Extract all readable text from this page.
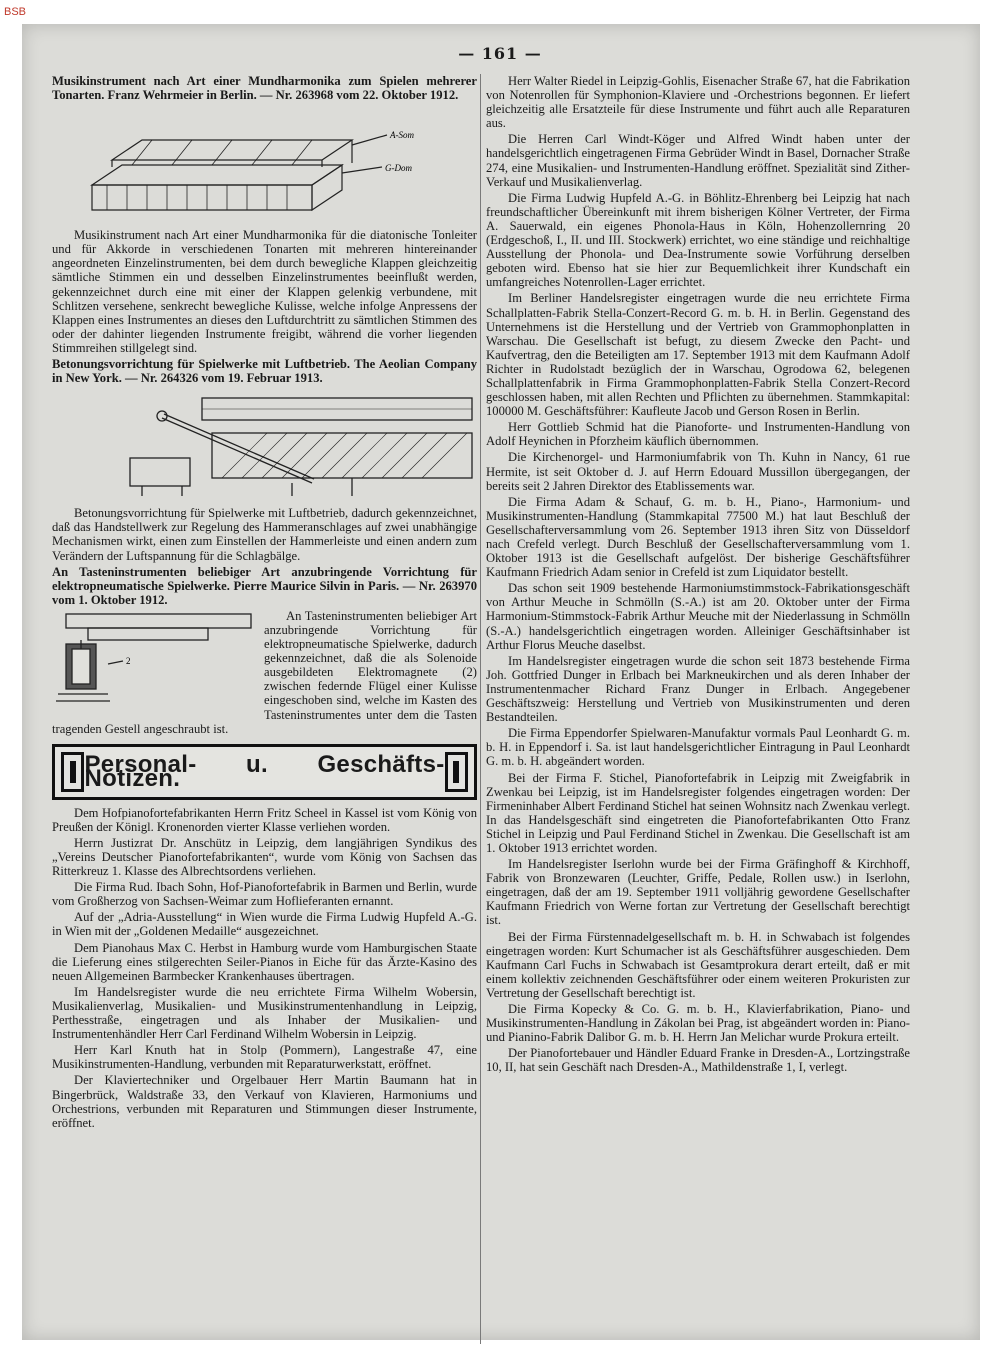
BSB
— 161 —

Musikinstrument nach Art einer Mundharmonika zum Spielen mehrerer Tonarten. Franz Wehrmeier in Berlin. — Nr. 263968 vom 22. Oktober 1912.

A-Som
G-Dom

Musikinstrument nach Art einer Mundharmonika für die diatonische Tonleiter und für Akkorde in verschiedenen Tonarten mit mehreren hintereinander angeordneten Einzelinstrumenten, bei dem durch bewegliche Klappen gleichzeitig sämtliche Stimmen ein und desselben Einzelinstrumentes beeinflußt werden, gekennzeichnet durch eine mit einer der Klappen gelenkig verbundene, mit Schlitzen versehene, senkrecht bewegliche Kulisse, welche infolge Anpressens der Klappen eines Instrumentes an dieses den Luftdurchtritt zu sämtlichen Stimmen des oder der dahinter liegenden Instrumente freigibt, während die vorher liegenden Stimmreihen stillgelegt sind.

Betonungsvorrichtung für Spielwerke mit Luftbetrieb. The Aeolian Company in New York. — Nr. 264326 vom 19. Februar 1913.

Betonungsvorrichtung für Spielwerke mit Luftbetrieb, dadurch gekennzeichnet, daß das Handstellwerk zur Regelung des Hammeranschlages auf zwei unabhängige Mechanismen wirkt, einen zum Einstellen der Hammerleiste und einen andern zum Verändern der Luftspannung für die Schlagbälge.

An Tasteninstrumenten beliebiger Art anzubringende Vorrichtung für elektropneumatische Spielwerke. Pierre Maurice Silvin in Paris. — Nr. 263970 vom 1. Oktober 1912.

2

An Tasteninstrumenten beliebiger Art anzubringende Vorrichtung für elektropneumatische Spielwerke, dadurch gekennzeichnet, daß die als Solenoide ausgebildeten Elektromagnete (2) zwischen federnde Flügel einer Kulisse eingeschoben sind, welche im Kasten des Tasteninstrumentes unter dem die Tasten tragenden Gestell angeschraubt ist.

Personal- u. Geschäfts-Notizen.

Dem Hofpianofortefabrikanten Herrn Fritz Scheel in Kassel ist vom König von Preußen der Königl. Kronenorden vierter Klasse verliehen worden.

Herrn Justizrat Dr. Anschütz in Leipzig, dem langjährigen Syndikus des „Vereins Deutscher Pianofortefabrikanten“, wurde vom König von Sachsen das Ritterkreuz 1. Klasse des Albrechtsordens verliehen.

Die Firma Rud. Ibach Sohn, Hof-Pianofortefabrik in Barmen und Berlin, wurde vom Großherzog von Sachsen-Weimar zum Hoflieferanten ernannt.

Auf der „Adria-Ausstellung“ in Wien wurde die Firma Ludwig Hupfeld A.-G. in Wien mit der „Goldenen Medaille“ ausgezeichnet.

Dem Pianohaus Max C. Herbst in Hamburg wurde vom Hamburgischen Staate die Lieferung eines stilgerechten Seiler-Pianos in Eiche für das Ärzte-Kasino des neuen Allgemeinen Barmbecker Krankenhauses übertragen.

Im Handelsregister wurde die neu errichtete Firma Wilhelm Wobersin, Musikalienverlag, Musikalien- und Musikinstrumentenhandlung in Leipzig, Perthesstraße, eingetragen und als Inhaber der Musikalien- und Instrumentenhändler Herr Carl Ferdinand Wilhelm Wobersin in Leipzig.

Herr Karl Knuth hat in Stolp (Pommern), Langestraße 47, eine Musikinstrumenten-Handlung, verbunden mit Reparaturwerkstatt, eröffnet.

Der Klaviertechniker und Orgelbauer Herr Martin Baumann hat in Bingerbrück, Waldstraße 33, den Verkauf von Klavieren, Harmoniums und Orchestrions, verbunden mit Reparaturen und Stimmungen dieser Instrumente, eröffnet.

Herr Walter Riedel in Leipzig-Gohlis, Eisenacher Straße 67, hat die Fabrikation von Notenrollen für Symphonion-Klaviere und -Orchestrions begonnen. Er liefert gleichzeitig alle Ersatzteile für diese Instrumente und führt auch alle Reparaturen aus.

Die Herren Carl Windt-Köger und Alfred Windt haben unter der handelsgerichtlich eingetragenen Firma Gebrüder Windt in Basel, Dornacher Straße 274, eine Musikalien- und Instrumenten-Handlung eröffnet. Spezialität sind Zither-Verkauf und Musikalienverlag.

Die Firma Ludwig Hupfeld A.-G. in Böhlitz-Ehrenberg bei Leipzig hat nach freundschaftlicher Übereinkunft mit ihrem bisherigen Kölner Vertreter, der Firma A. Sauerwald, ein eigenes Phonola-Haus in Köln, Hohenzollernring 20 (Erdgeschoß, I., II. und III. Stockwerk) errichtet, wo eine ständige und reichhaltige Ausstellung der Phonola- und Dea-Instrumente sowie Vorführung derselben geboten wird. Ebenso hat sie hier zur Bequemlichkeit ihrer Kundschaft ein umfangreiches Notenrollen-Lager errichtet.

Im Berliner Handelsregister eingetragen wurde die neu errichtete Firma Schallplatten-Fabrik Stella-Conzert-Record G. m. b. H. in Berlin. Gegenstand des Unternehmens ist die Herstellung und der Vertrieb von Grammophonplatten in Warschau. Die Gesellschaft ist befugt, zu diesem Zwecke den Pacht- und Kaufvertrag, den die Beteiligten am 17. September 1913 mit dem Kaufmann Adolf Richter in Rudolstadt bezüglich der in Warschau, Ogrodowa 62, belegenen Schallplattenfabrik in Firma Grammophonplatten-Fabrik Stella Conzert-Record geschlossen haben, mit allen Rechten und Pflichten zu übernehmen. Stammkapital: 100000 M. Geschäftsführer: Kaufleute Jacob und Gerson Rosen in Berlin.

Herr Gottlieb Schmid hat die Pianoforte- und Instrumenten-Handlung von Adolf Heynichen in Pforzheim käuflich übernommen.

Die Kirchenorgel- und Harmoniumfabrik von Th. Kuhn in Nancy, 61 rue Hermite, ist seit Oktober d. J. auf Herrn Edouard Mussillon übergegangen, der bereits seit 2 Jahren Direktor des Etablissements war.

Die Firma Adam & Schauf, G. m. b. H., Piano-, Harmonium- und Musikinstrumenten-Handlung (Stammkapital 77500 M.) hat laut Beschluß der Gesellschafterversammlung vom 26. September 1913 ihren Sitz von Düsseldorf nach Crefeld verlegt. Durch Beschluß der Gesellschafterversammlung vom 1. Oktober 1913 ist die Gesellschaft aufgelöst. Der bisherige Geschäftsführer Kaufmann Friedrich Adam senior in Crefeld ist zum Liquidator bestellt.

Das schon seit 1909 bestehende Harmoniumstimmstock-Fabrikationsgeschäft von Arthur Meuche in Schmölln (S.-A.) ist am 20. Oktober unter der Firma Harmonium-Stimmstock-Fabrik Arthur Meuche mit der Niederlassung in Schmölln (S.-A.) handelsgerichtlich eingetragen worden. Alleiniger Geschäftsinhaber ist Arthur Florus Meuche daselbst.

Im Handelsregister eingetragen wurde die schon seit 1873 bestehende Firma Joh. Gottfried Dunger in Erlbach bei Markneukirchen und als deren Inhaber der Instrumentenmacher Richard Franz Dunger in Erlbach. Angegebener Geschäftszweig: Herstellung und Vertrieb von Musikinstrumenten und deren Bestandteilen.

Die Firma Eppendorfer Spielwaren-Manufaktur vormals Paul Leonhardt G. m. b. H. in Eppendorf i. Sa. ist laut handelsgerichtlicher Eintragung in Paul Leonhardt G. m. b. H. abgeändert worden.

Bei der Firma F. Stichel, Pianofortefabrik in Leipzig mit Zweigfabrik in Zwenkau bei Leipzig, ist im Handelsregister folgendes eingetragen worden: Der Firmeninhaber Albert Ferdinand Stichel hat seinen Wohnsitz nach Zwenkau verlegt. In das Handelsgeschäft sind eingetreten die Pianofortefabrikanten Otto Franz Stichel in Leipzig und Paul Ferdinand Stichel in Zwenkau. Die Gesellschaft ist am 1. Oktober 1913 errichtet worden.

Im Handelsregister Iserlohn wurde bei der Firma Gräfinghoff & Kirchhoff, Fabrik von Bronzewaren (Leuchter, Griffe, Pedale, Rollen usw.) in Iserlohn, eingetragen, daß der am 19. September 1911 volljährig gewordene Gesellschafter Kaufmann Friedrich von Werne fortan zur Vertretung der Gesellschaft berechtigt ist.

Bei der Firma Fürstennadelgesellschaft m. b. H. in Schwabach ist folgendes eingetragen worden: Kurt Schumacher ist als Geschäftsführer ausgeschieden. Dem Kaufmann Carl Fuchs in Schwabach ist Gesamtprokura derart erteilt, daß er mit einem kollektiv zeichnenden Geschäftsführer oder einem weiteren Prokuristen zur Vertretung der Gesellschaft berechtigt ist.

Die Firma Kopecky & Co. G. m. b. H., Klavierfabrikation, Piano- und Musikinstrumenten-Handlung in Zákolan bei Prag, ist abgeändert worden in: Piano- und Pianino-Fabrik Dalibor G. m. b. H. Herrn Jan Melichar wurde Prokura erteilt.

Der Pianofortebauer und Händler Eduard Franke in Dresden-A., Lortzingstraße 10, II, hat sein Geschäft nach Dresden-A., Mathildenstraße 1, I, verlegt.
